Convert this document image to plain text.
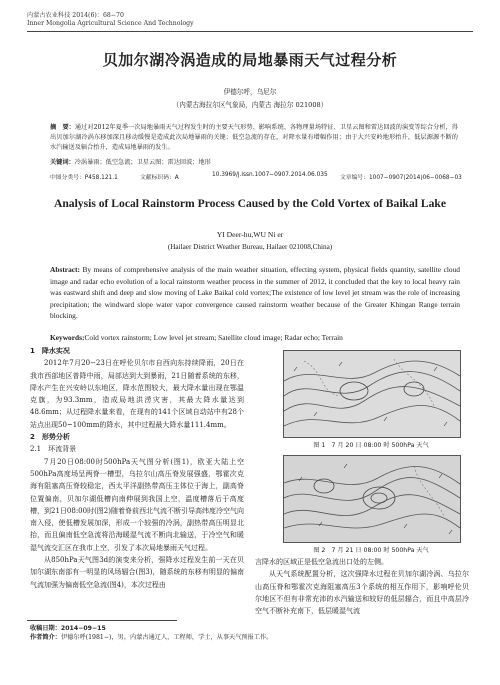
内蒙古农业科技 2014(6)：68−70
Inner Mongolia Agricultural Science And Technology
贝加尔湖冷涡造成的局地暴雨天气过程分析
伊德尔呼，乌尼尔
（内蒙古海拉尔区气象局，内蒙古 海拉尔 021008）
摘　要：通过对2012年夏季一次局地暴雨天气过程发生时的主要天气形势、影响系统、各物理量场特征、卫星云图和雷达回波的演变等综合分析，得出贝加尔湖冷涡东移加深且移动缓慢是造成此次局地暴雨的关键；低空急流的存在，对降水量有增幅作用；由于大兴安岭地形抬升，低层源源不断的水汽输送及辐合抬升，造成局地暴雨的发生。
关键词：冷涡暴雨；低空急流；卫星云图；雷达回波；地形
中图分类号：P458.121.1	文献标识码：A	10.3969/j.issn.1007−0907.2014.06.035 文章编号：1007−0907(2014)06−0068−03
Analysis of Local Rainstorm Process Caused by the Cold Vortex of Baikal Lake
YI Deer-hu,WU Ni er
(Hailaer District Weather Bureau, Hailaer 021008,China)
Abstract: By means of comprehensive analysis of the main weather situation, effecting system, physical fields quantity, satellite cloud image and radar echo evolution of a local rainstorm weather process in the summer of 2012, it concluded that the key to local heavy rain was eastward shift and deep and slow moving of Lake Baikal cold vortex;The existence of low level jet stream was the role of increasing precipitation; the windward slope water vapor convergence caused rainstorm weather because of the Greater Khingan Range terrain blocking.
Keywords:Cold vortex rainstorm; Low level jet stream; Satellite cloud image; Radar echo; Terrain

1　降水实况

2012年7月20−23日在呼伦贝尔市自西向东持续降雨，20日在我市西部地区普降中雨，局部达到大到暴雨，21日随着系统的东移，降水产生在兴安岭以东地区，降水范围较大，最大降水量出现在鄂温克旗，为93.3mm，造成局地洪涝灾害，其最大降水量达到48.6mm；从过程降水量来看，在现有的141个区域自动站中有28个站点出现50~100mm的降水，其中过程最大降水量111.4mm。

2　形势分析

2.1　环流背景

7月20日08:00时500hPa天气图分析(图1)，欧亚大陆上空500hPa高度场呈两脊一槽型，乌拉尔山高压脊发展强盛，鄂霍次克海有阻塞高压脊较稳定，西太平洋副热带高压主体位于海上，副高脊位置偏南，贝加尔湖低槽向南伸展到我国上空，温度槽落后于高度槽，到21日08:00时(图2)随着脊前西北气流不断引导高纬度冷空气向南入侵，使低槽发展加深，形成一个较强的冷涡，副热带高压明显北抬，而且偏南低空急流将沿海暖湿气流不断向北输送，于冷空气和暖湿气流交汇区在我市上空，引发了本次局地暴雨天气过程。

从850hPa天气图3d的演变来分析，强降水过程发生前一天在贝加尔湖东南部有一明显的风场辐合(图3)，随系统的东移有明显的偏南气流加强为偏南低空急流(图4)，本次过程由

图 1　7 月 20 日 08:00 时 500hPa 天气
图 2　7 月 21 日 08:00 时 500hPa 天气

言降水的区域正是低空急流出口处的左侧。

从天气系统配置分析，这次强降水过程在贝加尔湖冷涡、乌拉尔山高压脊和鄂霍次克海阻塞高压3个系统的相互作用下，影响呼伦贝尔地区不但有非常充沛的水汽输送和较好的低层辐合，而且中高层冷空气不断补充南下，低层暖湿气流

收稿日期：2014−09−15
作者简介：伊德尔呼(1981−)，男，内蒙古通辽人，工程师，学士，从事天气预报工作。
